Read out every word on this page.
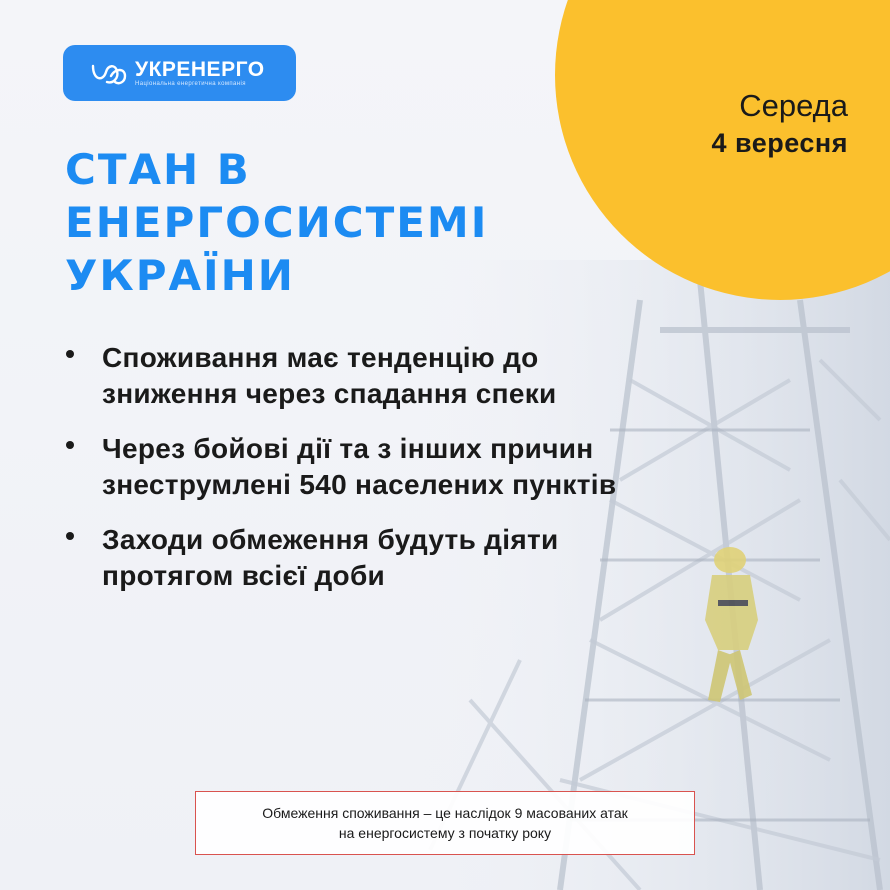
УКРЕНЕРГО
Національна енергетична компанія
Середа
4 вересня
СТАН В
ЕНЕРГОСИСТЕМІ
УКРАЇНИ
Споживання має тенденцію до
зниження через спадання спеки
Через бойові дії та з інших причин
знеструмлені 540 населених пунктів
Заходи обмеження будуть діяти
протягом всієї доби
Обмеження споживання – це наслідок 9 масованих атак
на енергосистему з початку року
